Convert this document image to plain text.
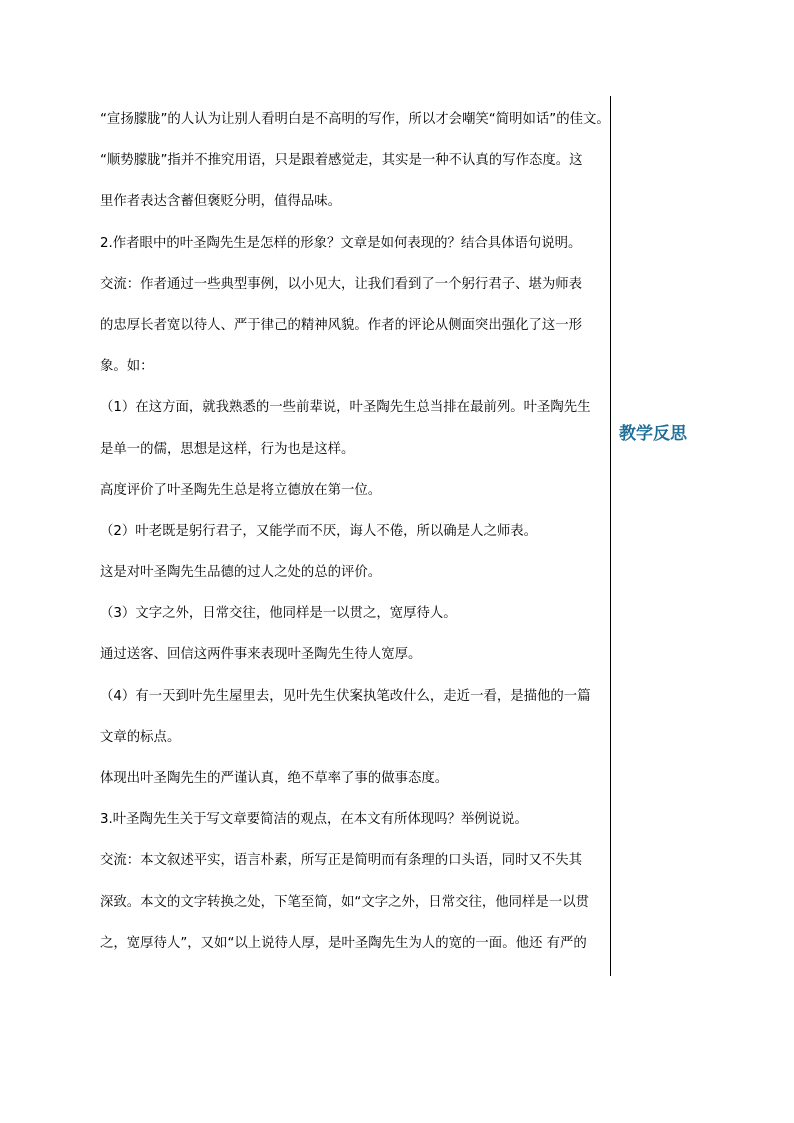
“宣扬朦胧”的人认为让别人看明白是不高明的写作，所以才会嘲笑“简明如话”的佳文。
“顺势朦胧”指并不推究用语，只是跟着感觉走，其实是一种不认真的写作态度。这
里作者表达含蓄但褒贬分明，值得品味。
2.作者眼中的叶圣陶先生是怎样的形象？文章是如何表现的？结合具体语句说明。
交流：作者通过一些典型事例，以小见大，让我们看到了一个躬行君子、堪为师表
的忠厚长者宽以待人、严于律己的精神风貌。作者的评论从侧面突出强化了这一形
象。如：
（1）在这方面，就我熟悉的一些前辈说，叶圣陶先生总当排在最前列。叶圣陶先生
是单一的儒，思想是这样，行为也是这样。
高度评价了叶圣陶先生总是将立德放在第一位。
（2）叶老既是躬行君子，又能学而不厌，诲人不倦，所以确是人之师表。
这是对叶圣陶先生品德的过人之处的总的评价。
（3）文字之外，日常交往，他同样是一以贯之，宽厚待人。
通过送客、回信这两件事来表现叶圣陶先生待人宽厚。
（4）有一天到叶先生屋里去，见叶先生伏案执笔改什么，走近一看，是描他的一篇
文章的标点。
体现出叶圣陶先生的严谨认真，绝不草率了事的做事态度。
3.叶圣陶先生关于写文章要简洁的观点，在本文有所体现吗？举例说说。
交流：本文叙述平实，语言朴素，所写正是简明而有条理的口头语，同时又不失其
深致。本文的文字转换之处，下笔至简，如“文字之外，日常交往，他同样是一以贯
之，宽厚待人”，又如“以上说待人厚，是叶圣陶先生为人的宽的一面。他还 有严的
教学反思
